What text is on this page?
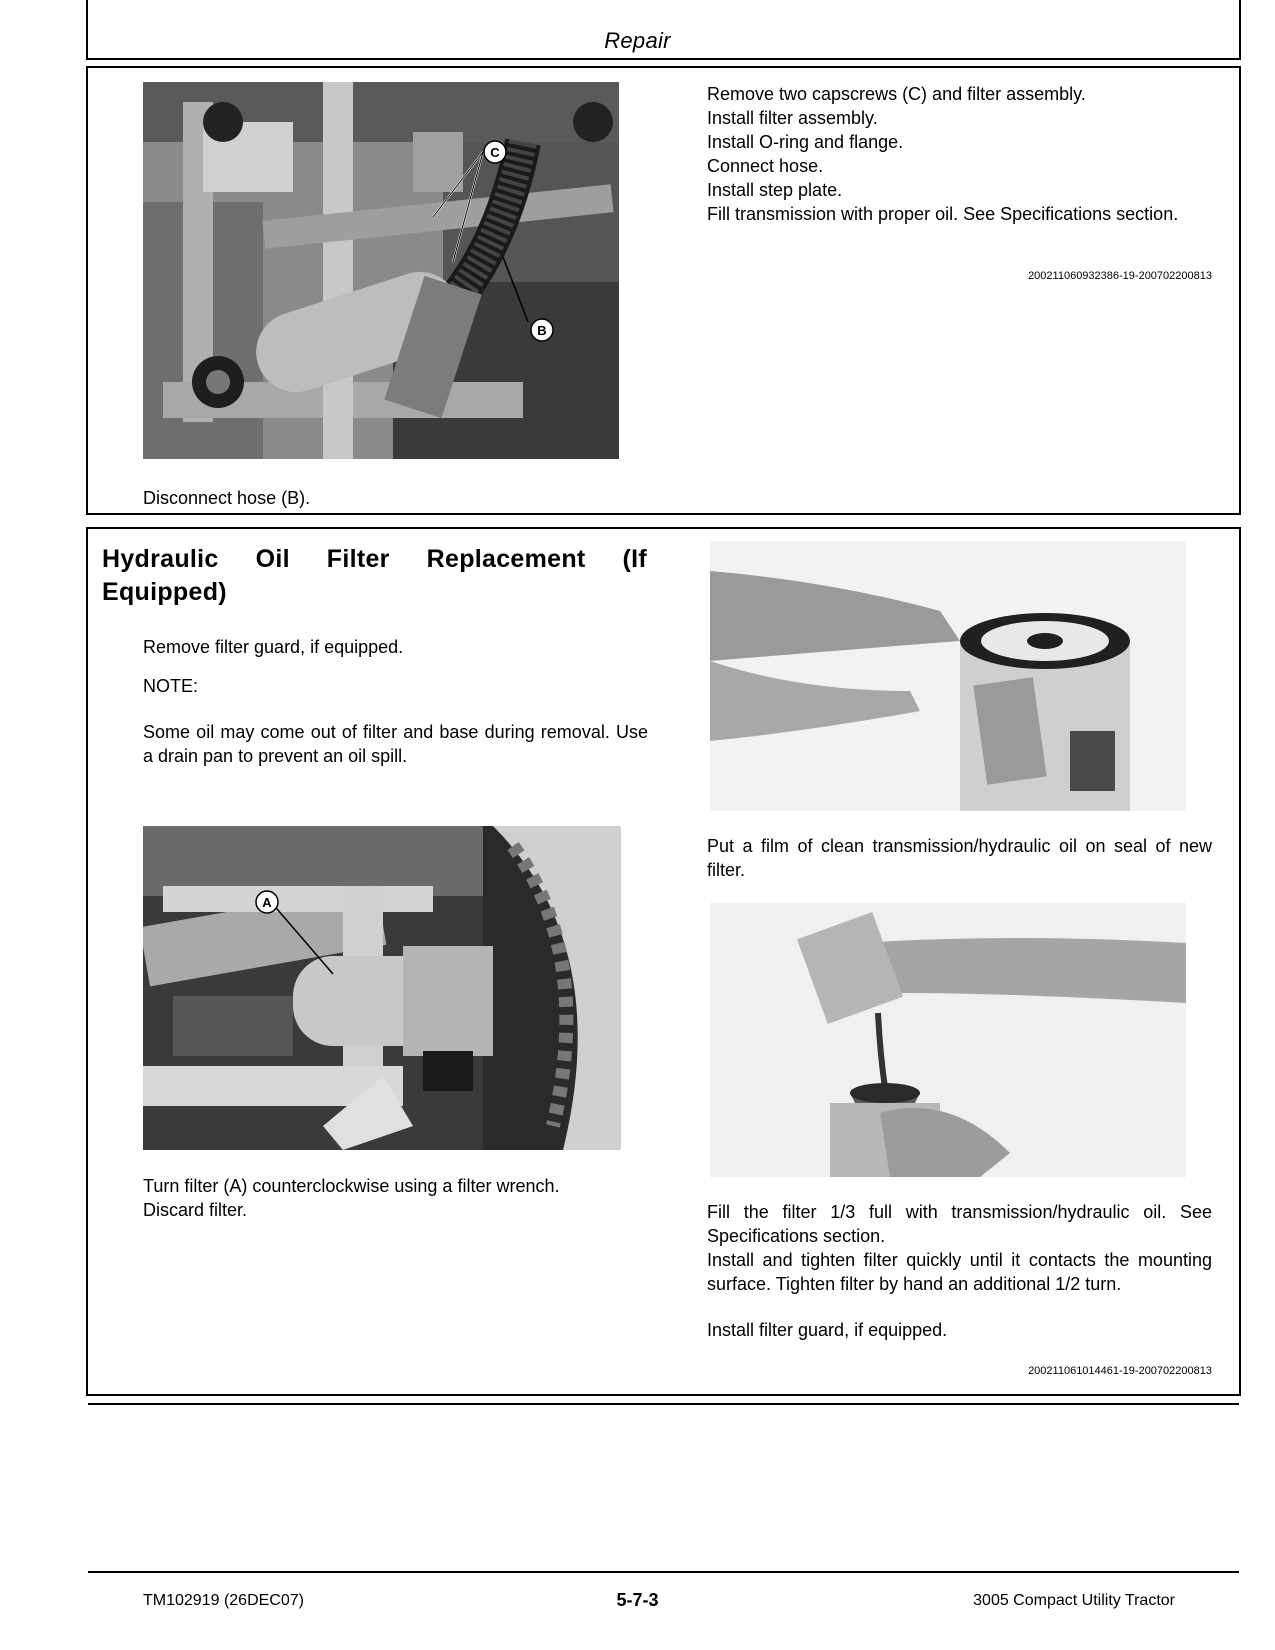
Repair
C
B
Remove two capscrews (C) and filter assembly.
Install filter assembly.
Install O-ring and flange.
Connect hose.
Install step plate.
Fill transmission with proper oil. See Specifications section.
2002110609323​86-19-200702200813
Disconnect hose (B).
Hydraulic Oil Filter Replacement (If Equipped)
Remove filter guard, if equipped.
NOTE:
Some oil may come out of filter and base during removal. Use a drain pan to prevent an oil spill.
A
Turn filter (A) counterclockwise using a filter wrench.
Discard filter.
Put a film of clean transmission/hydraulic oil on seal of new filter.
Fill the filter 1/3 full with transmission/hydraulic oil. See Specifications section.
Install and tighten filter quickly until it contacts the mounting surface. Tighten filter by hand an additional 1/2 turn.
Install filter guard, if equipped.
2002110610144​61-19-200702200813
TM102919 (26DEC07)	5-7-3	3005 Compact Utility Tractor
